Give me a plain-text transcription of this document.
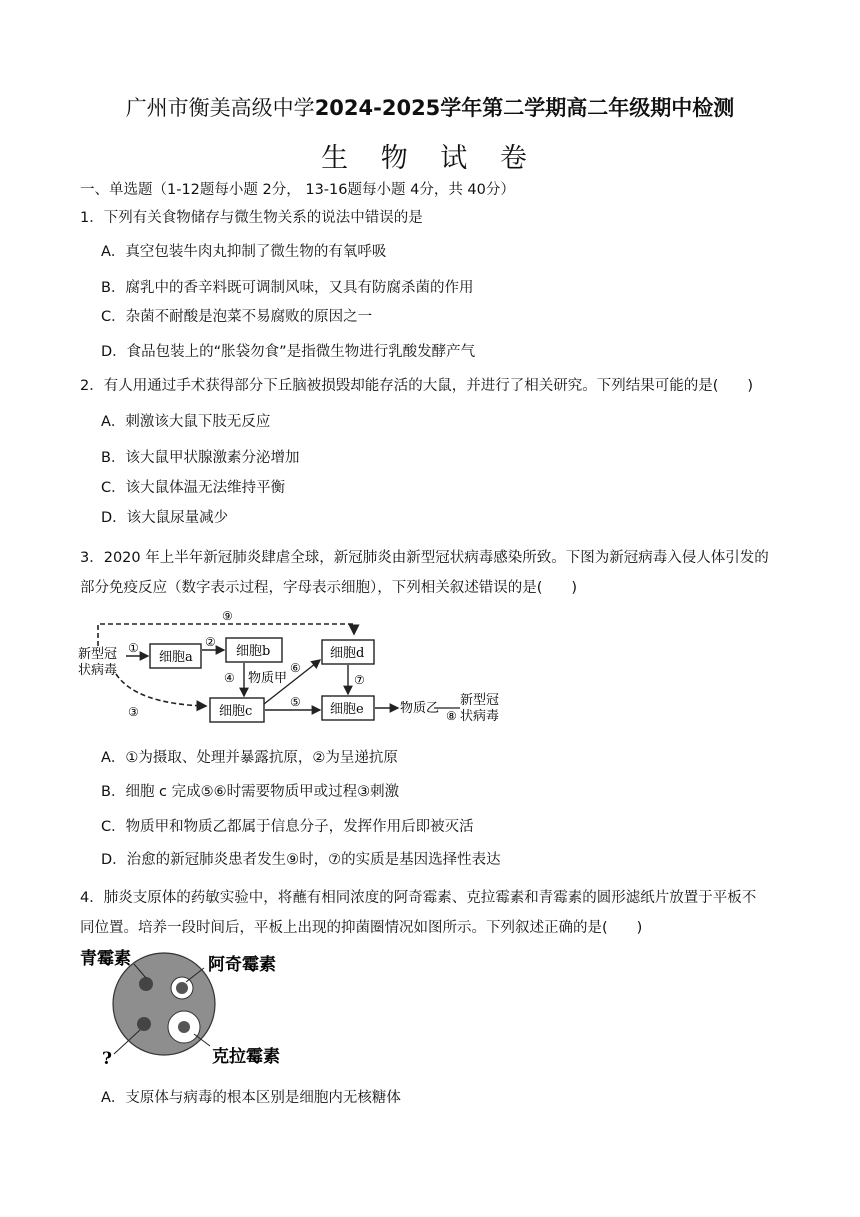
广州市衡美高级中学2024-2025学年第二学期高二年级期中检测
生 物 试 卷
一、单选题（1-12题每小题 2分， 13-16题每小题 4分，共 40分）
1．下列有关食物储存与微生物关系的说法中错误的是
A．真空包装牛肉丸抑制了微生物的有氧呼吸
B．腐乳中的香辛料既可调制风味，又具有防腐杀菌的作用
C．杂菌不耐酸是泡菜不易腐败的原因之一
D．食品包装上的“胀袋勿食”是指微生物进行乳酸发酵产气
2．有人用通过手术获得部分下丘脑被损毁却能存活的大鼠，并进行了相关研究。下列结果可能的是(　　)
A．刺激该大鼠下肢无反应
B．该大鼠甲状腺激素分泌增加
C．该大鼠体温无法维持平衡
D．该大鼠尿量减少
3．2020 年上半年新冠肺炎肆虐全球，新冠肺炎由新型冠状病毒感染所致。下图为新冠病毒入侵人体引发的
部分免疫反应（数字表示过程，字母表示细胞），下列相关叙述错误的是(　　)
新型冠
状病毒
细胞a	细胞b
细胞c
细胞d
细胞e
物质甲
物质乙
新型冠
状病毒
①	②
③
④
⑤
⑥
⑦
⑧
⑨
A．①为摄取、处理并暴露抗原，②为呈递抗原
B．细胞 c 完成⑤⑥时需要物质甲或过程③刺激
C．物质甲和物质乙都属于信息分子，发挥作用后即被灭活
D．治愈的新冠肺炎患者发生⑨时，⑦的实质是基因选择性表达
4．肺炎支原体的药敏实验中，将蘸有相同浓度的阿奇霉素、克拉霉素和青霉素的圆形滤纸片放置于平板不
同位置。培养一段时间后，平板上出现的抑菌圈情况如图所示。下列叙述正确的是(　　)
青霉素	阿奇霉素
克拉霉素
?
A．支原体与病毒的根本区别是细胞内无核糖体
